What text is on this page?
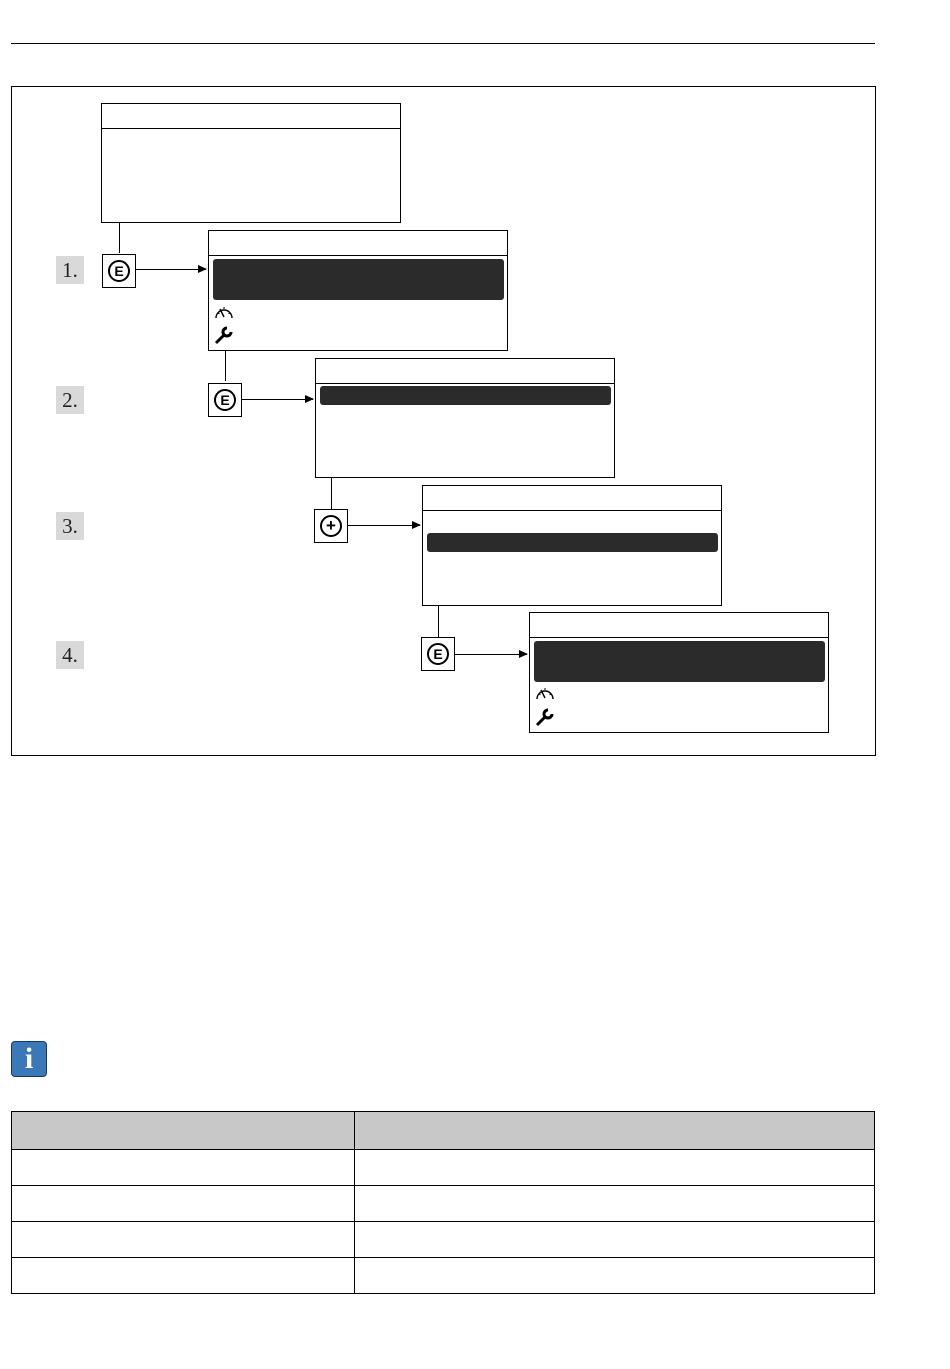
1.	E
2.	E
3.	+
4.	E
i
